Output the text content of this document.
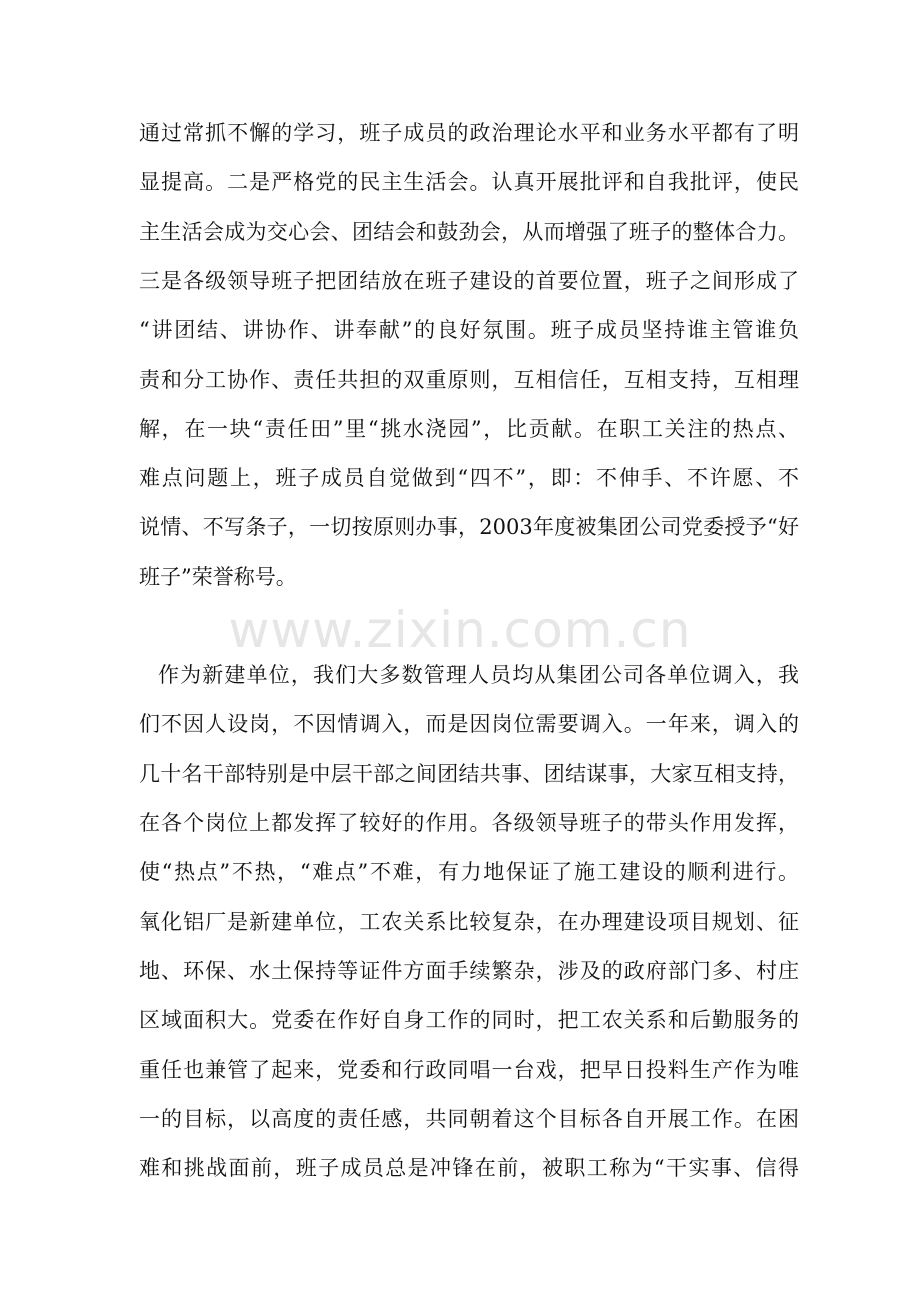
www.zixin.com.cn
通过常抓不懈的学习，班子成员的政治理论水平和业务水平都有了明
显提高。二是严格党的民主生活会。认真开展批评和自我批评，使民
主生活会成为交心会、团结会和鼓劲会，从而增强了班子的整体合力。
三是各级领导班子把团结放在班子建设的首要位置，班子之间形成了
“讲团结、讲协作、讲奉献”的良好氛围。班子成员坚持谁主管谁负
责和分工协作、责任共担的双重原则，互相信任，互相支持，互相理
解，在一块“责任田”里“挑水浇园”，比贡献。在职工关注的热点、
难点问题上，班子成员自觉做到“四不”，即：不伸手、不许愿、不
说情、不写条子，一切按原则办事，2003年度被集团公司党委授予“好
班子”荣誉称号。
作为新建单位，我们大多数管理人员均从集团公司各单位调入，我
们不因人设岗，不因情调入，而是因岗位需要调入。一年来，调入的
几十名干部特别是中层干部之间团结共事、团结谋事，大家互相支持，
在各个岗位上都发挥了较好的作用。各级领导班子的带头作用发挥，
使“热点”不热，“难点”不难，有力地保证了施工建设的顺利进行。
氧化铝厂是新建单位，工农关系比较复杂，在办理建设项目规划、征
地、环保、水土保持等证件方面手续繁杂，涉及的政府部门多、村庄
区域面积大。党委在作好自身工作的同时，把工农关系和后勤服务的
重任也兼管了起来，党委和行政同唱一台戏，把早日投料生产作为唯
一的目标，以高度的责任感，共同朝着这个目标各自开展工作。在困
难和挑战面前，班子成员总是冲锋在前，被职工称为“干实事、信得
